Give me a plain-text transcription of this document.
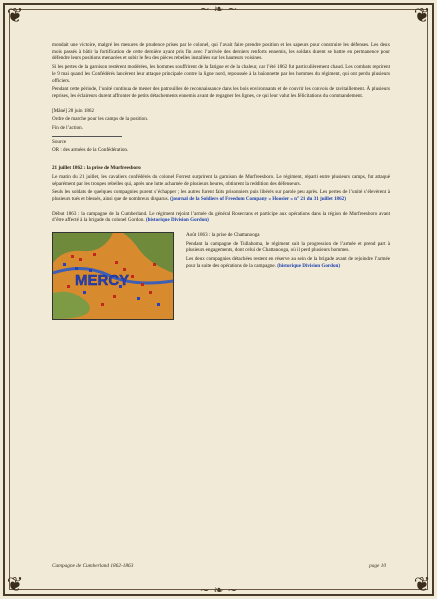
❦	❦
❦	❦
~ ❧ ~
~ ❧ ~

mondait une victoire, malgré les mesures de prudence prises par le colonel, qui l’avait faire prendre position et les sapeurs pour construire les défenses. Les deux mois passés à bâtir la fortification de cette dernière ayant pris fin avec l’arrivée des derniers renforts ennemis, les soldats durent se battre en permanence pour défendre leurs positions menacées et subir le feu des pièces rebelles installées sur les hauteurs voisines.

Si les pertes de la garnison restèrent modérées, les hommes souffrirent de la fatigue et de la chaleur, car l’été 1862 fut particulièrement chaud. Les combats reprirent le 9 mai quand les Confédérés lancèrent leur attaque principale contre la ligne nord, repoussée à la baïonnette par les hommes du régiment, qui ont perdu plusieurs officiers.

Pendant cette période, l’unité continua de mener des patrouilles de reconnaissance dans les bois environnants et de couvrir les convois de ravitaillement. À plusieurs reprises, les éclaireurs durent affronter de petits détachements ennemis avant de regagner les lignes, ce qui leur valut les félicitations du commandement.

[Mâné] 28 juin 1862
Ordre de marche pour les camps de la position.
Fin de l’action.
Source
OR : des armées de la Confédération.
21 juillet 1862 : la prise de Murfreesboro

Le matin du 21 juillet, les cavaliers confédérés du colonel Forrest surprirent la garnison de Murfreesboro. Le régiment, réparti entre plusieurs camps, fut attaqué séparément par les troupes rebelles qui, après une lutte acharnée de plusieurs heures, obtinrent la reddition des défenseurs.

Seuls les soldats de quelques compagnies purent s’échapper ; les autres furent faits prisonniers puis libérés sur parole peu après. Les pertes de l’unité s’élevèrent à plusieurs tués et blessés, ainsi que de nombreux disparus. (journal de la Soldiers of Freedom Company « Hoosier » n° 21 du 31 juillet 1862)

Début 1863 : la campagne de la Cumberland. Le régiment rejoint l’armée du général Rosecrans et participe aux opérations dans la région de Murfreesboro avant d’être affecté à la brigade du colonel Gordon. (historique Division Gordon)

MERCY
Août 1863 : la prise de Chattanooga

Pendant la campagne de Tullahoma, le régiment suit la progression de l’armée et prend part à plusieurs engagements, dont celui de Chattanooga, où il perd plusieurs hommes.

Les deux compagnies détachées restent en réserve au sein de la brigade avant de rejoindre l’armée pour la suite des opérations de la campagne. (historique Division Gordon)

Campagne de Cumberland 1862-1863	page 10
